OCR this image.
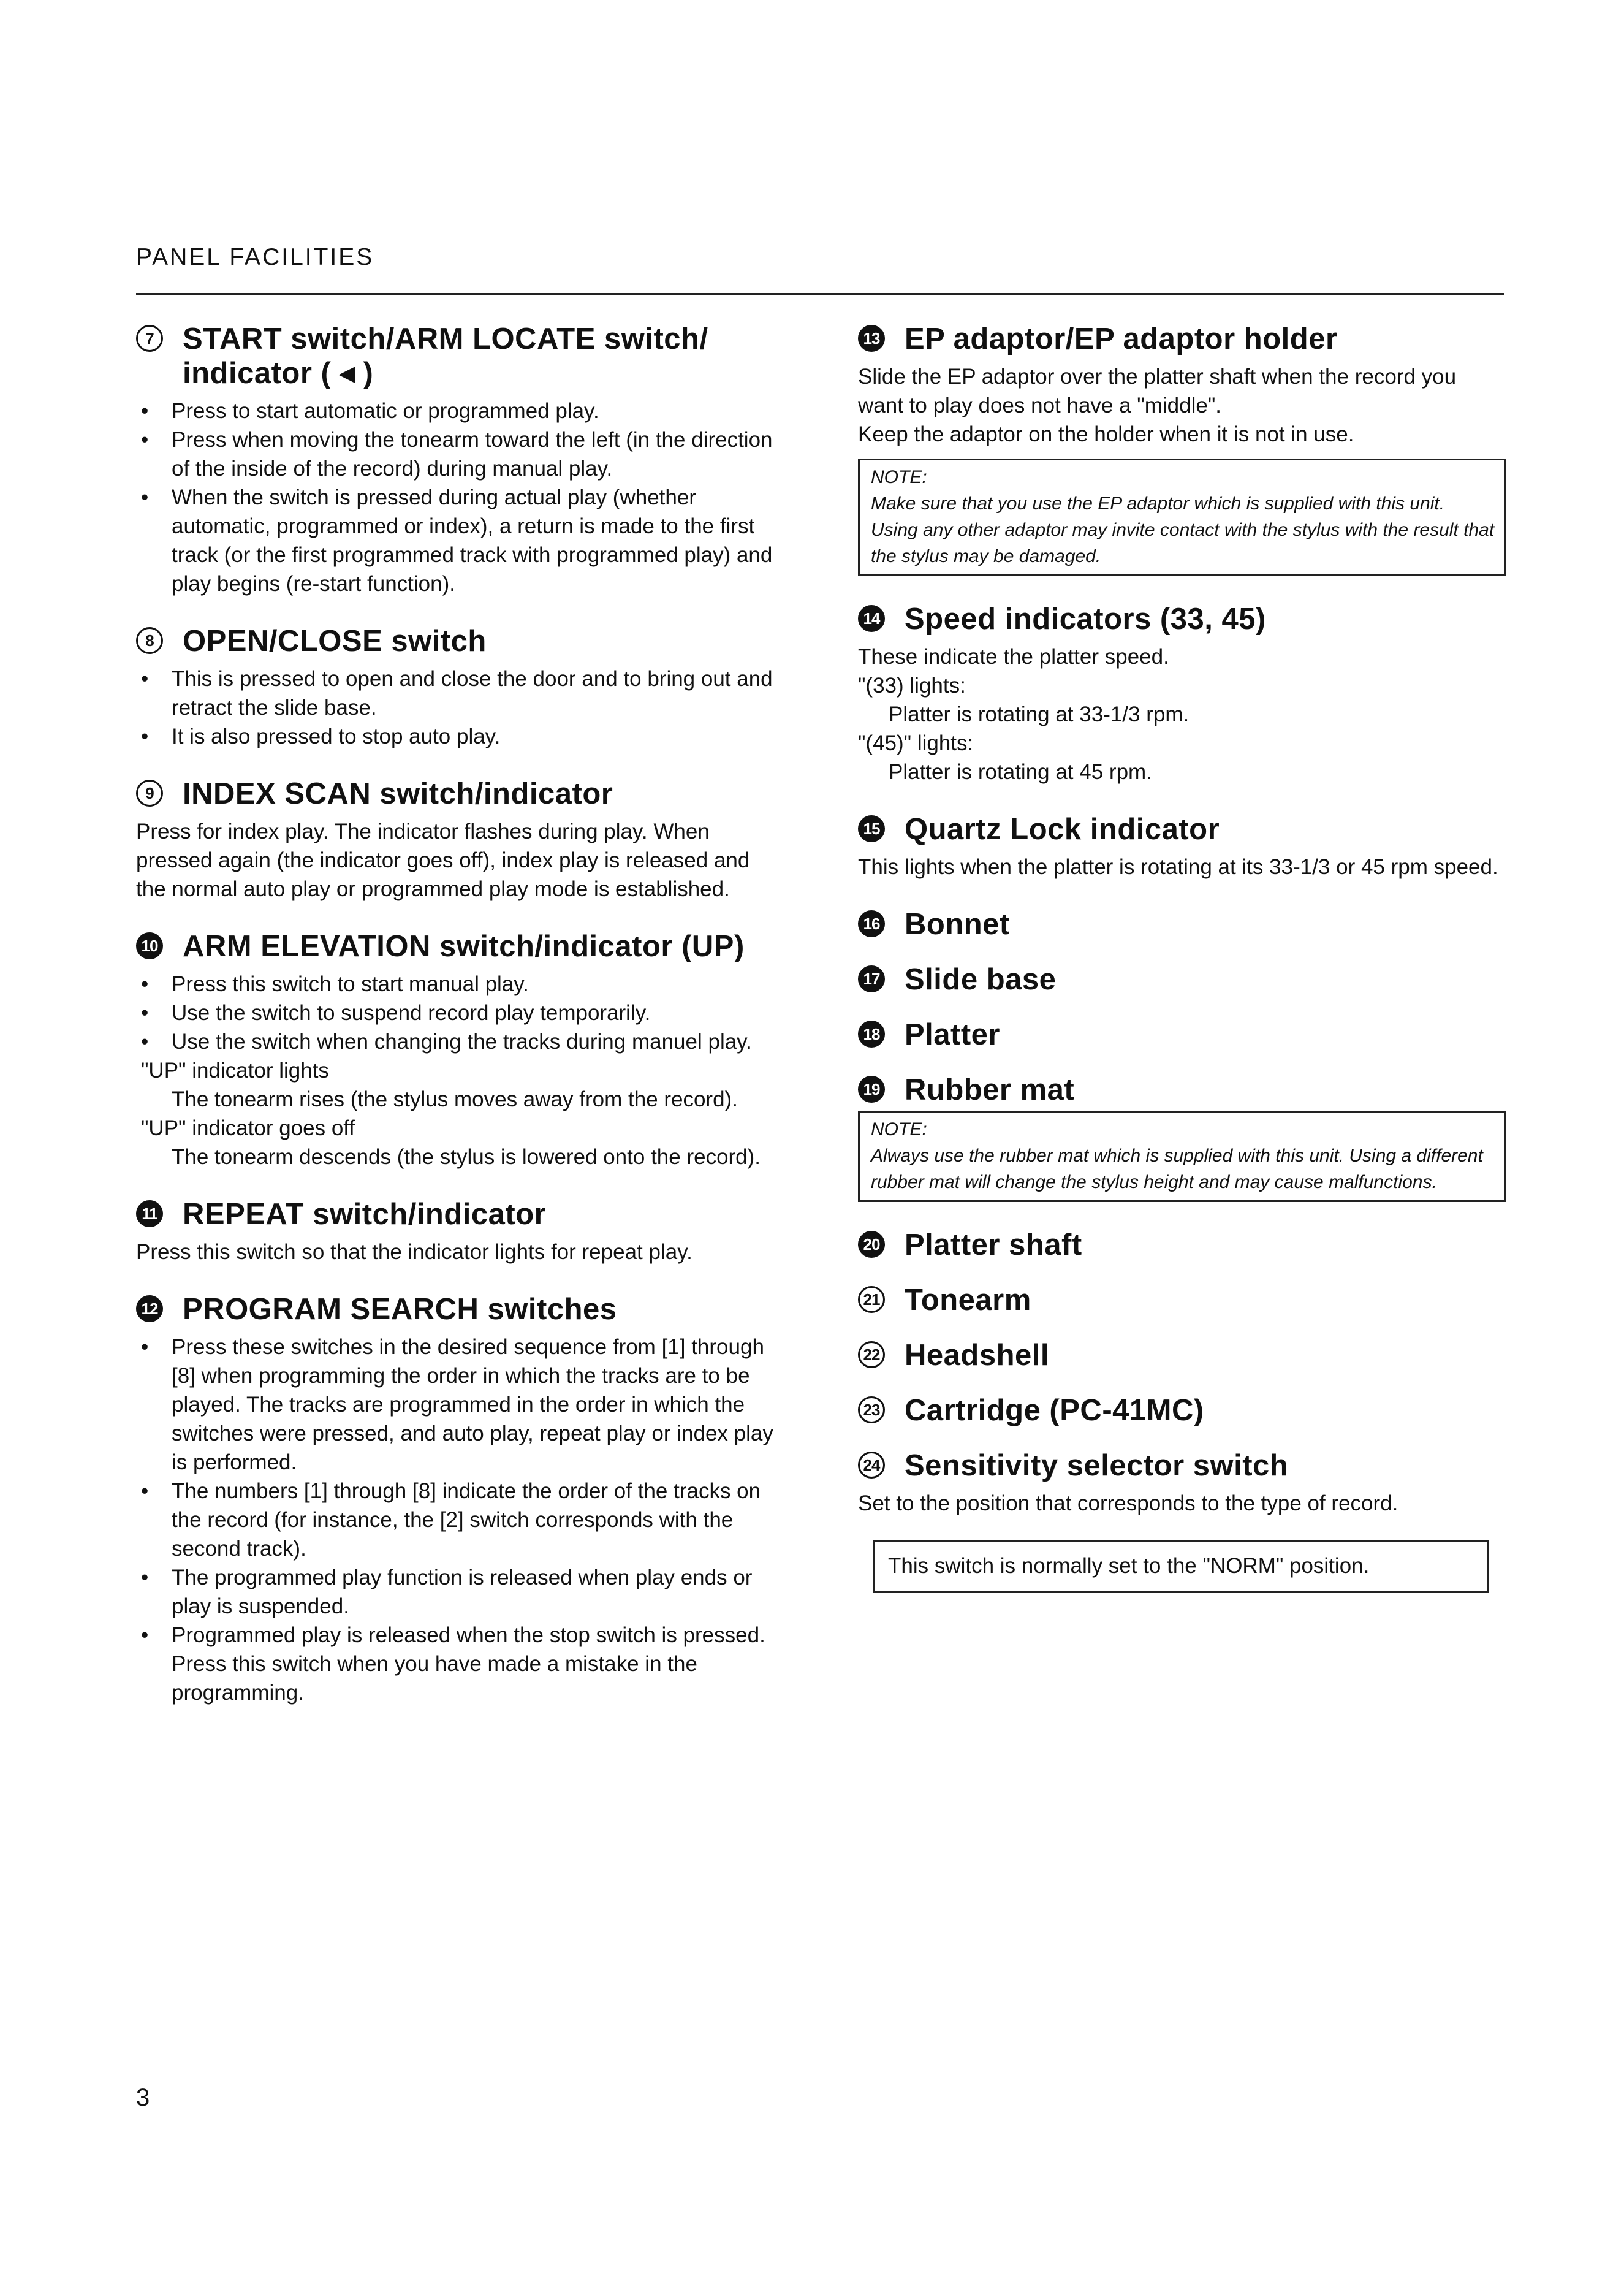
PANEL FACILITIES
7 START switch/ARM LOCATE switch/
indicator ( ◀ )
• Press to start automatic or programmed play.
• Press when moving the tonearm toward the left (in the direction of the inside of the record) during manual play.
• When the switch is pressed during actual play (whether automatic, programmed or index), a return is made to the first track (or the first programmed track with programmed play) and play begins (re-start function).
8 OPEN/CLOSE switch
• This is pressed to open and close the door and to bring out and retract the slide base.
• It is also pressed to stop auto play.
9 INDEX SCAN switch/indicator
Press for index play. The indicator flashes during play. When pressed again (the indicator goes off), index play is released and the normal auto play or programmed play mode is established.
10 ARM ELEVATION switch/indicator (UP)
• Press this switch to start manual play.
• Use the switch to suspend record play temporarily.
• Use the switch when changing the tracks during manuel play.
"UP" indicator lights
The tonearm rises (the stylus moves away from the record).
"UP" indicator goes off
The tonearm descends (the stylus is lowered onto the record).
11 REPEAT switch/indicator
Press this switch so that the indicator lights for repeat play.
12 PROGRAM SEARCH switches
• Press these switches in the desired sequence from [1] through [8] when programming the order in which the tracks are to be played. The tracks are programmed in the order in which the switches were pressed, and auto play, repeat play or index play is performed.
• The numbers [1] through [8] indicate the order of the tracks on the record (for instance, the [2] switch corresponds with the second track).
• The programmed play function is released when play ends or play is suspended.
• Programmed play is released when the stop switch is pressed. Press this switch when you have made a mistake in the programming.
13 EP adaptor/EP adaptor holder
Slide the EP adaptor over the platter shaft when the record you want to play does not have a "middle".
Keep the adaptor on the holder when it is not in use.
NOTE:
Make sure that you use the EP adaptor which is supplied with this unit. Using any other adaptor may invite contact with the stylus with the result that the stylus may be damaged.
14 Speed indicators (33, 45)
These indicate the platter speed.
"(33) lights:
Platter is rotating at 33-1/3 rpm.
"(45)" lights:
Platter is rotating at 45 rpm.
15 Quartz Lock indicator
This lights when the platter is rotating at its 33-1/3 or 45 rpm speed.
16 Bonnet
17 Slide base
18 Platter
19 Rubber mat
NOTE:
Always use the rubber mat which is supplied with this unit. Using a different rubber mat will change the stylus height and may cause malfunctions.
20 Platter shaft
21 Tonearm
22 Headshell
23 Cartridge (PC-41MC)
24 Sensitivity selector switch
Set to the position that corresponds to the type of record.
This switch is normally set to the "NORM" position.
3
